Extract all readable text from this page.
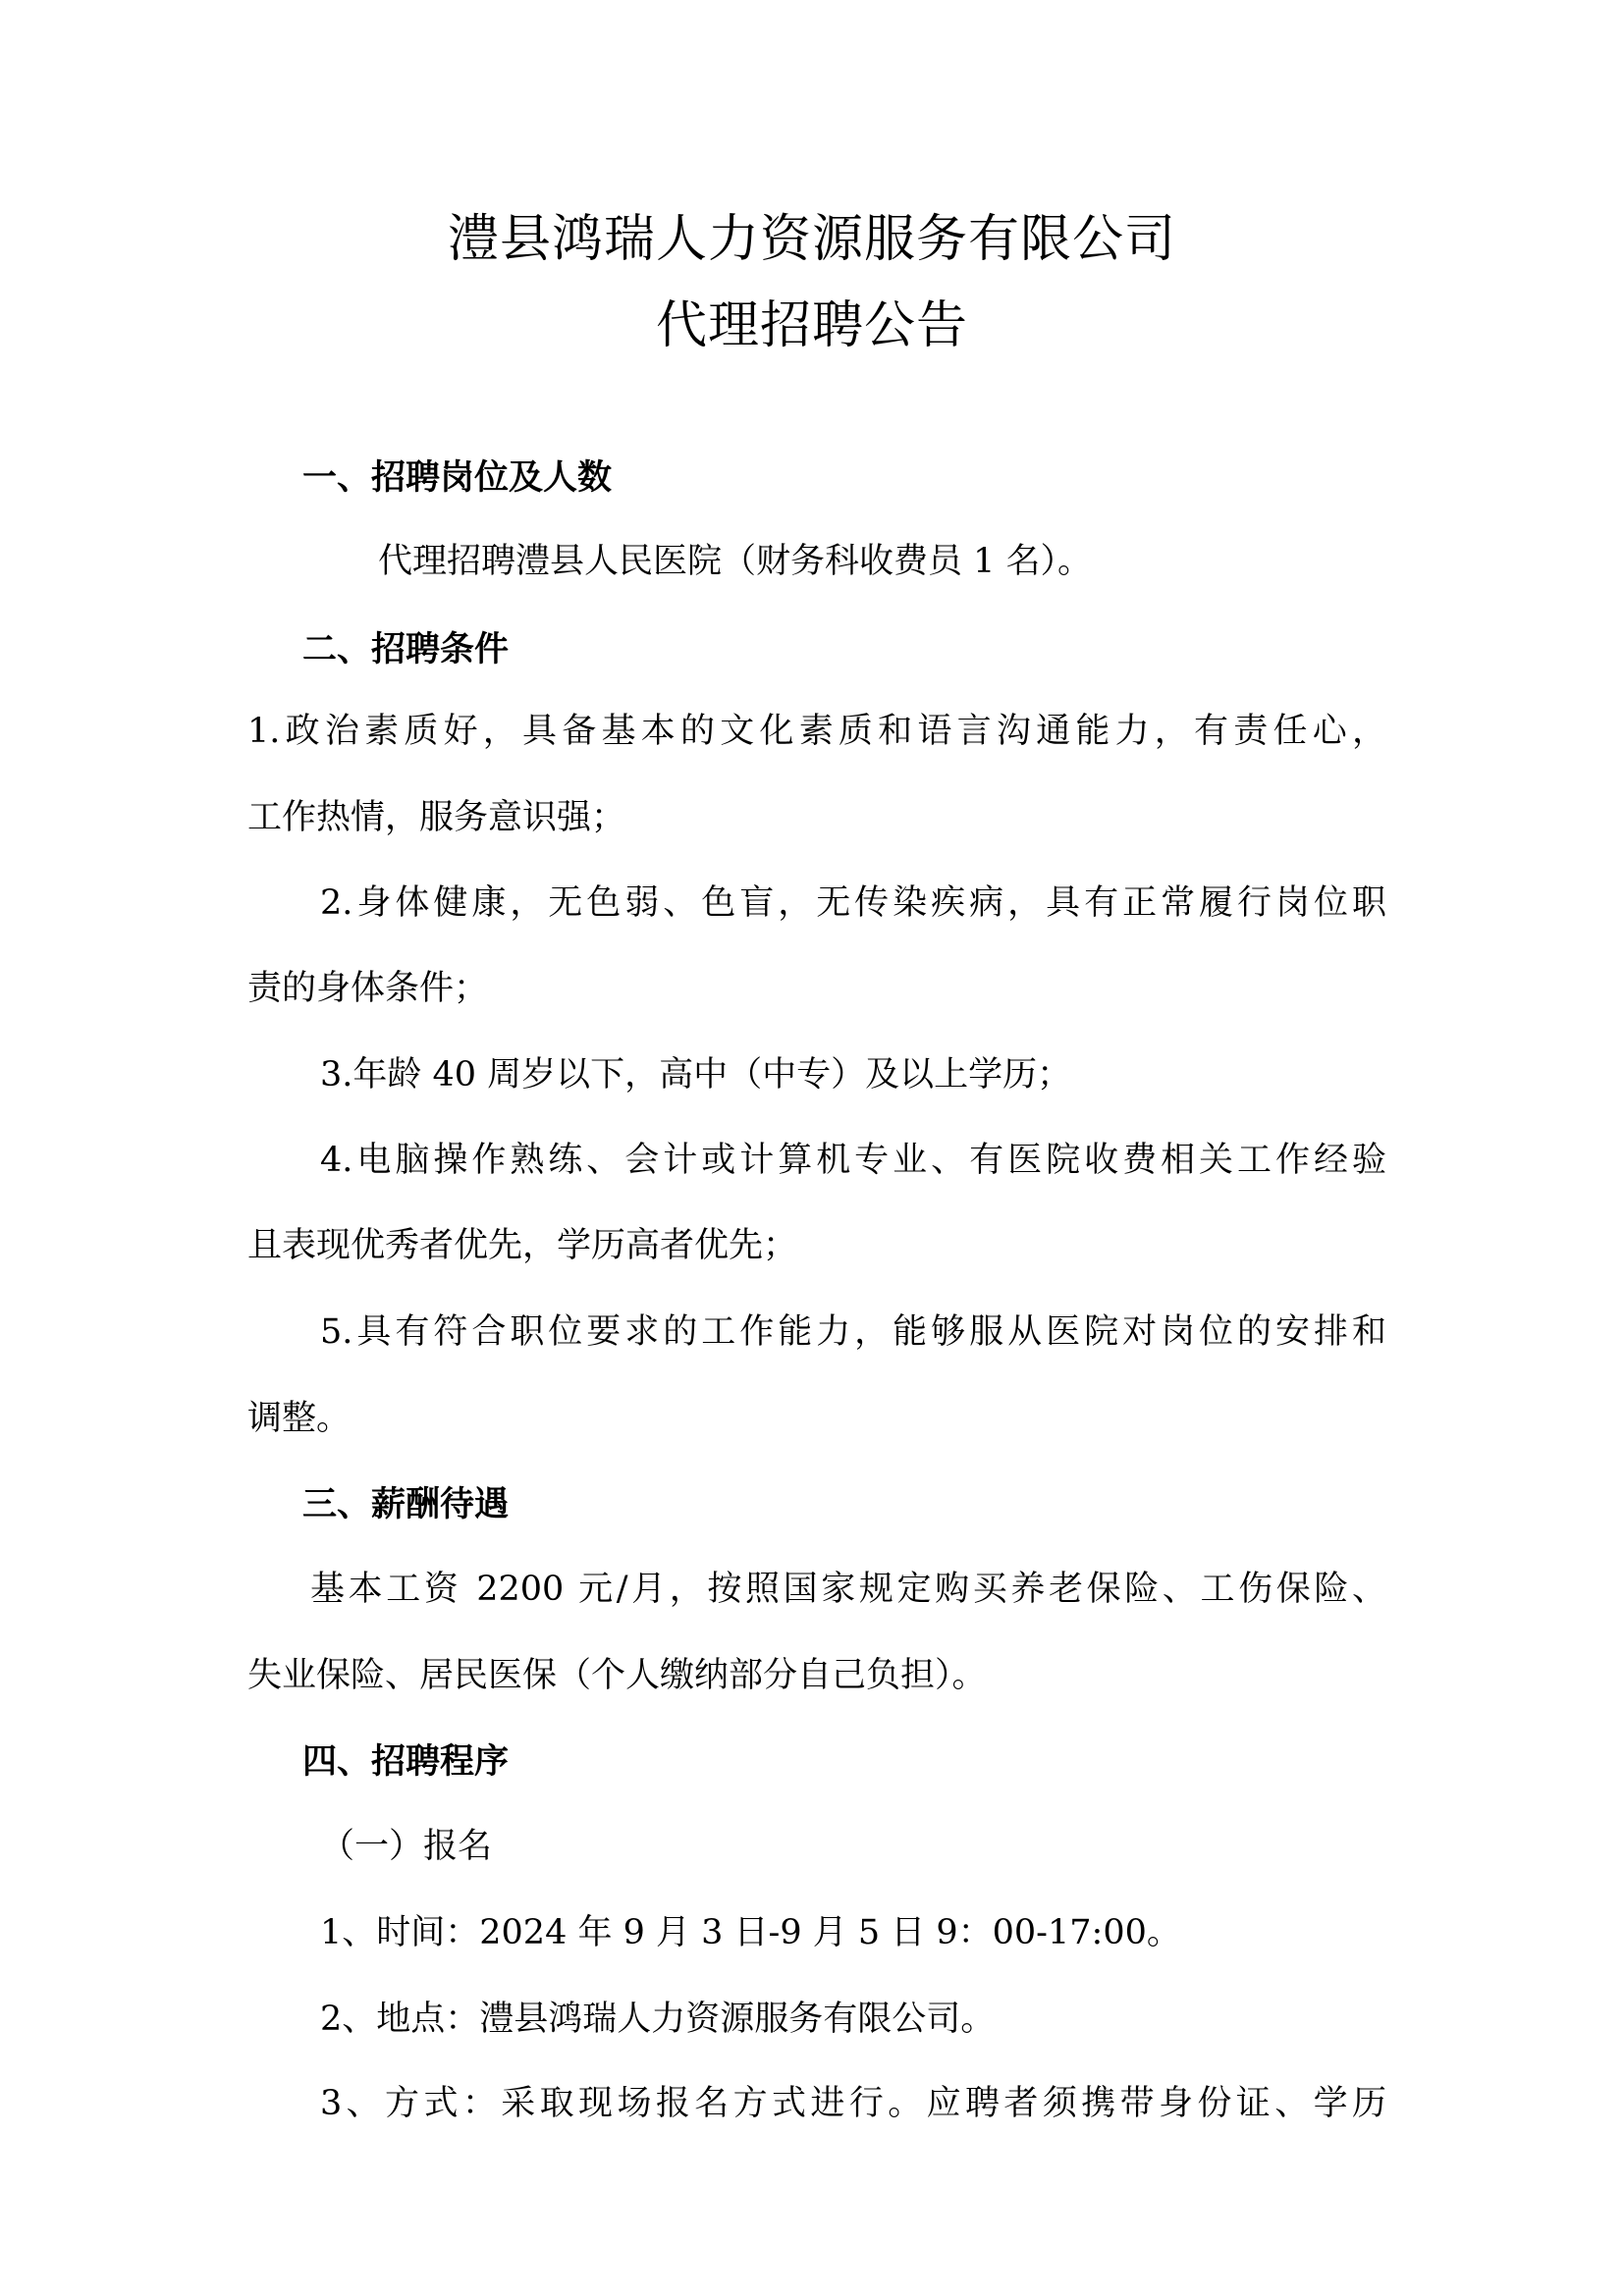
澧县鸿瑞人力资源服务有限公司
代理招聘公告
一、招聘岗位及人数
代理招聘澧县人民医院（财务科收费员 1 名）。
二、招聘条件
1.政治素质好，具备基本的文化素质和语言沟通能力，有责任心，
工作热情，服务意识强；
2.身体健康，无色弱、色盲，无传染疾病，具有正常履行岗位职
责的身体条件；
3.年龄 40 周岁以下，高中（中专）及以上学历；
4.电脑操作熟练、会计或计算机专业、有医院收费相关工作经验
且表现优秀者优先，学历高者优先；
5.具有符合职位要求的工作能力，能够服从医院对岗位的安排和
调整。
三、薪酬待遇
基本工资 2200 元/月，按照国家规定购买养老保险、工伤保险、
失业保险、居民医保（个人缴纳部分自己负担）。
四、招聘程序
（一）报名
1、时间：2024 年 9 月 3 日-9 月 5 日 9：00-17:00。
2、地点：澧县鸿瑞人力资源服务有限公司。
3、方式：采取现场报名方式进行。应聘者须携带身份证、学历
